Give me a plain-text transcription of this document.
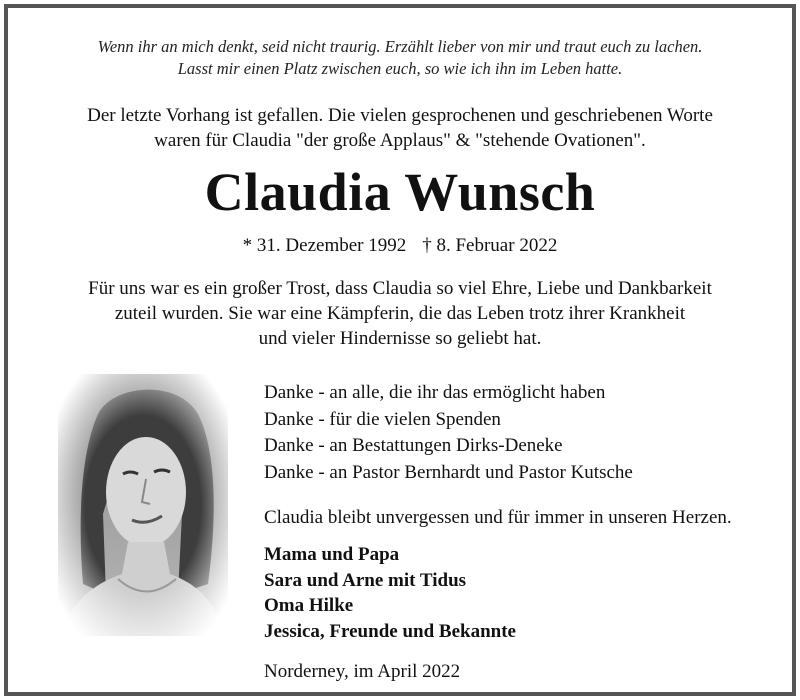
Wenn ihr an mich denkt, seid nicht traurig. Erzählt lieber von mir und traut euch zu lachen.
Lasst mir einen Platz zwischen euch, so wie ich ihn im Leben hatte.
Der letzte Vorhang ist gefallen. Die vielen gesprochenen und geschriebenen Worte
waren für Claudia "der große Applaus" & "stehende Ovationen".
Claudia Wunsch
* 31. Dezember 1992 † 8. Februar 2022
Für uns war es ein großer Trost, dass Claudia so viel Ehre, Liebe und Dankbarkeit
zuteil wurden. Sie war eine Kämpferin, die das Leben trotz ihrer Krankheit
und vieler Hindernisse so geliebt hat.
Danke - an alle, die ihr das ermöglicht haben
Danke - für die vielen Spenden
Danke - an Bestattungen Dirks-Deneke
Danke - an Pastor Bernhardt und Pastor Kutsche
Claudia bleibt unvergessen und für immer in unseren Herzen.
Mama und Papa
Sara und Arne mit Tidus
Oma Hilke
Jessica, Freunde und Bekannte
Norderney, im April 2022
